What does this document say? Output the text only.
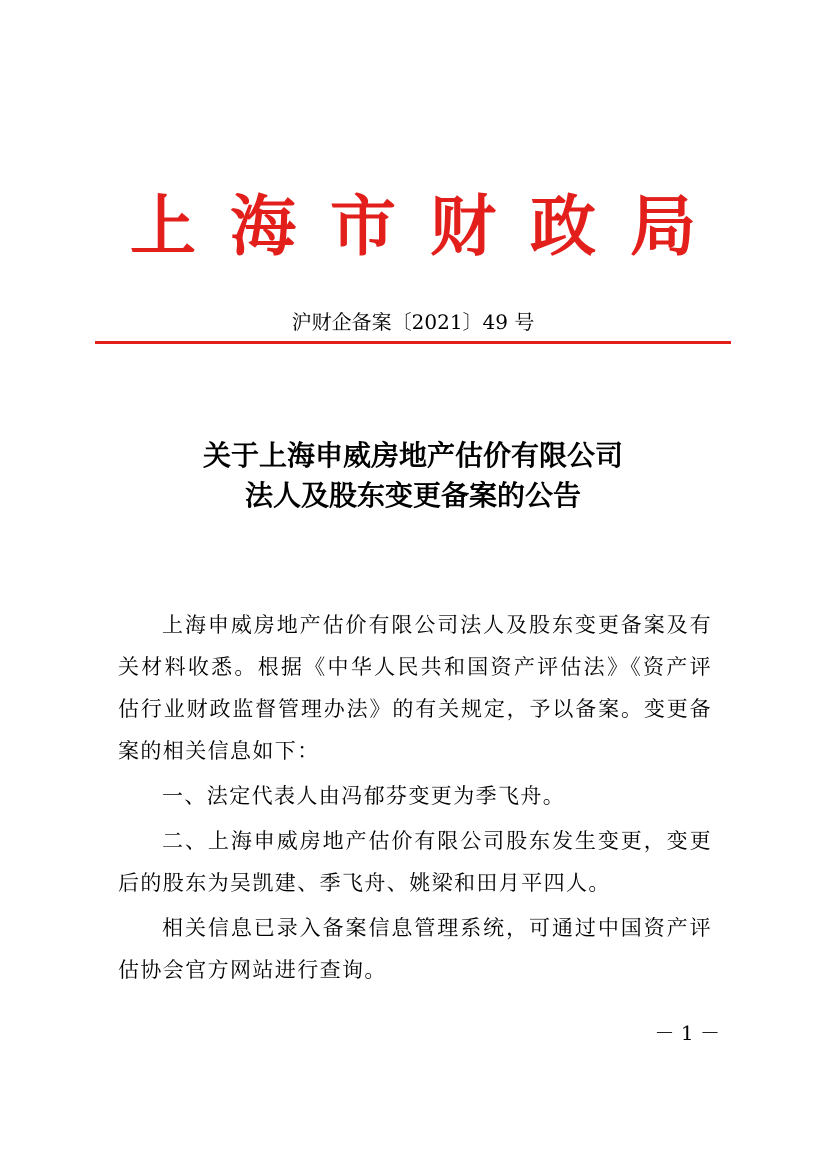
上海市财政局
沪财企备案〔2021〕49 号
关于上海申威房地产估价有限公司
法人及股东变更备案的公告

上海申威房地产估价有限公司法人及股东变更备案及有关材料收悉。根据《中华人民共和国资产评估法》《资产评估行业财政监督管理办法》的有关规定，予以备案。变更备案的相关信息如下：

一、法定代表人由冯郁芬变更为季飞舟。

二、上海申威房地产估价有限公司股东发生变更，变更后的股东为吴凯建、季飞舟、姚梁和田月平四人。

相关信息已录入备案信息管理系统，可通过中国资产评估协会官方网站进行查询。

－ 1 －
